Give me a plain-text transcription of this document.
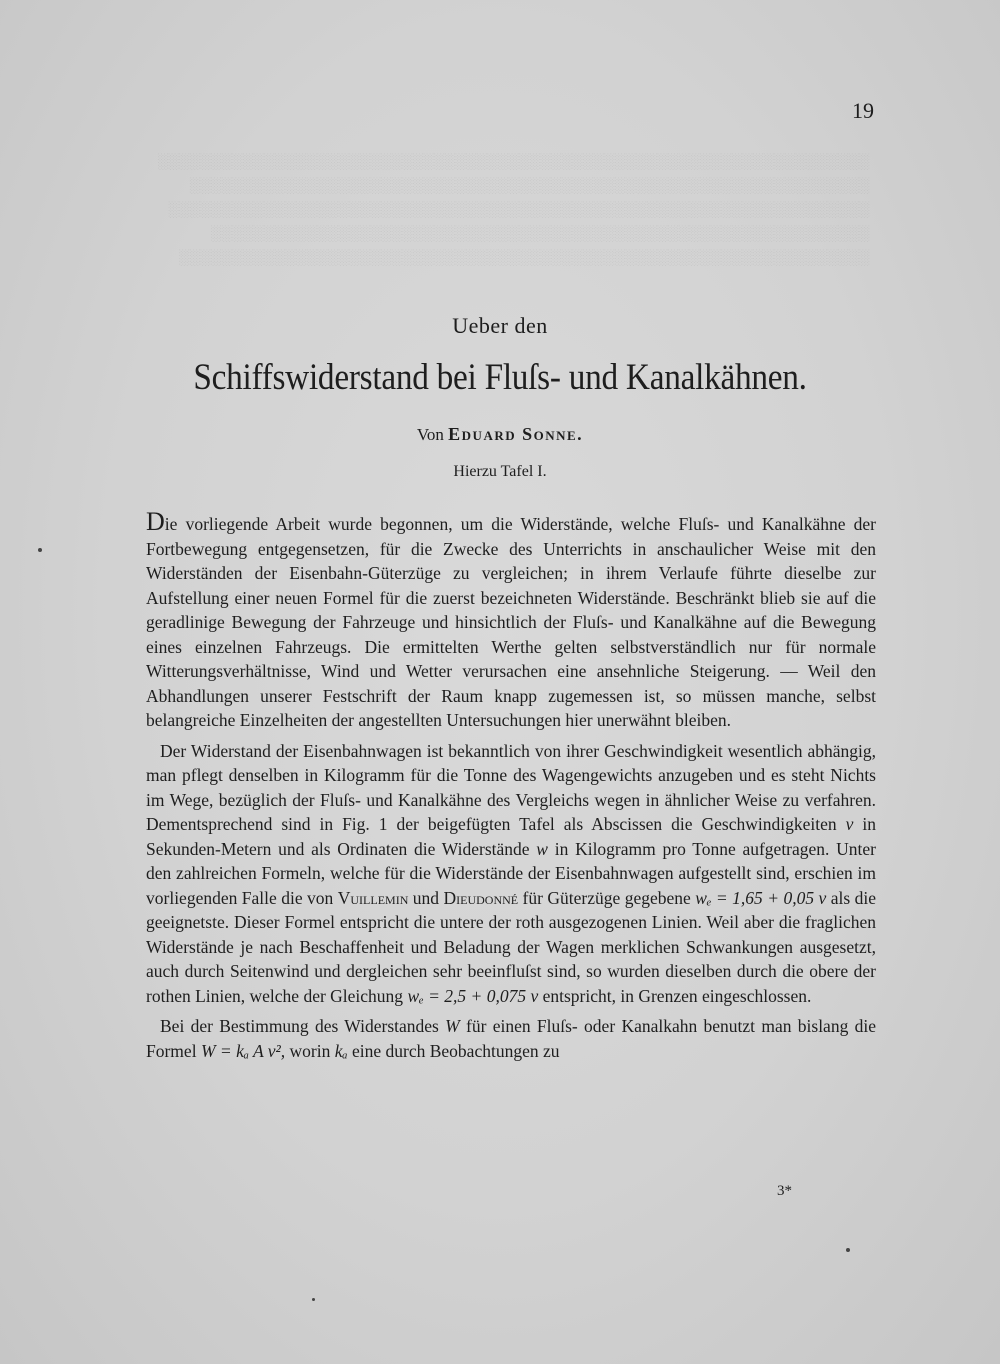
░░░░░░░░░░░░░░░░░░░░░░░░░░░░░░░░░░░░░░░░░░░░░░░░░░░░░░░░░░░░░░░░░░░
░░░░░░░░░░░░░░░░░░░░░░░░░░░░░░░░░░░░░░░░░░░░░░░░░░░░░░░░░░░░░░░░
░░░░░░░░░░░░░░░░░░░░░░░░░░░░░░░░░░░░░░░░░░░░░░░░░░░░░░░░░░░░░░░░░░
░░░░░░░░░░░░░░░░░░░░░░░░░░░░░░░░░░░░░░░░░░░░░░░░░░░░░░░░░░░░░░
░░░░░░░░░░░░░░░░░░░░░░░░░░░░░░░░░░░░░░░░░░░░░░░░░░░░░░░░░░░░░░░░░
19
Ueber den
Schiffswiderstand bei Fluſs- und Kanalkähnen.
Von Eduard Sonne.
Hierzu Tafel I.

Die vorliegende Arbeit wurde begonnen, um die Widerstände, welche Fluſs- und Kanalkähne der Fortbewegung entgegensetzen, für die Zwecke des Unterrichts in anschaulicher Weise mit den Widerständen der Eisenbahn-Güterzüge zu vergleichen; in ihrem Verlaufe führte dieselbe zur Aufstellung einer neuen Formel für die zuerst bezeichneten Widerstände. Beschränkt blieb sie auf die geradlinige Bewegung der Fahrzeuge und hinsichtlich der Fluſs- und Kanalkähne auf die Bewegung eines einzelnen Fahrzeugs. Die ermittelten Werthe gelten selbstverständlich nur für normale Witterungsverhältnisse, Wind und Wetter verursachen eine ansehnliche Steigerung. — Weil den Abhandlungen unserer Festschrift der Raum knapp zugemessen ist, so müssen manche, selbst belangreiche Einzelheiten der angestellten Untersuchungen hier unerwähnt bleiben.

Der Widerstand der Eisenbahnwagen ist bekanntlich von ihrer Geschwindigkeit wesentlich abhängig, man pflegt denselben in Kilogramm für die Tonne des Wagengewichts anzugeben und es steht Nichts im Wege, bezüglich der Fluſs- und Kanalkähne des Vergleichs wegen in ähnlicher Weise zu verfahren. Dementsprechend sind in Fig. 1 der beigefügten Tafel als Abscissen die Geschwindigkeiten v in Sekunden-Metern und als Ordinaten die Widerstände w in Kilogramm pro Tonne aufgetragen. Unter den zahlreichen Formeln, welche für die Widerstände der Eisenbahnwagen aufgestellt sind, erschien im vorliegenden Falle die von Vuillemin und Dieudonné für Güterzüge gegebene wₑ = 1,65 + 0,05 v als die geeignetste. Dieser Formel entspricht die untere der roth ausgezogenen Linien. Weil aber die fraglichen Widerstände je nach Beschaffenheit und Beladung der Wagen merklichen Schwankungen ausgesetzt, auch durch Seitenwind und dergleichen sehr beeinfluſst sind, so wurden dieselben durch die obere der rothen Linien, welche der Gleichung wₑ = 2,5 + 0,075 v entspricht, in Grenzen eingeschlossen.

Bei der Bestimmung des Widerstandes W für einen Fluſs- oder Kanalkahn benutzt man bislang die Formel W = kₐ A v², worin kₐ eine durch Beobachtungen zu

3*
